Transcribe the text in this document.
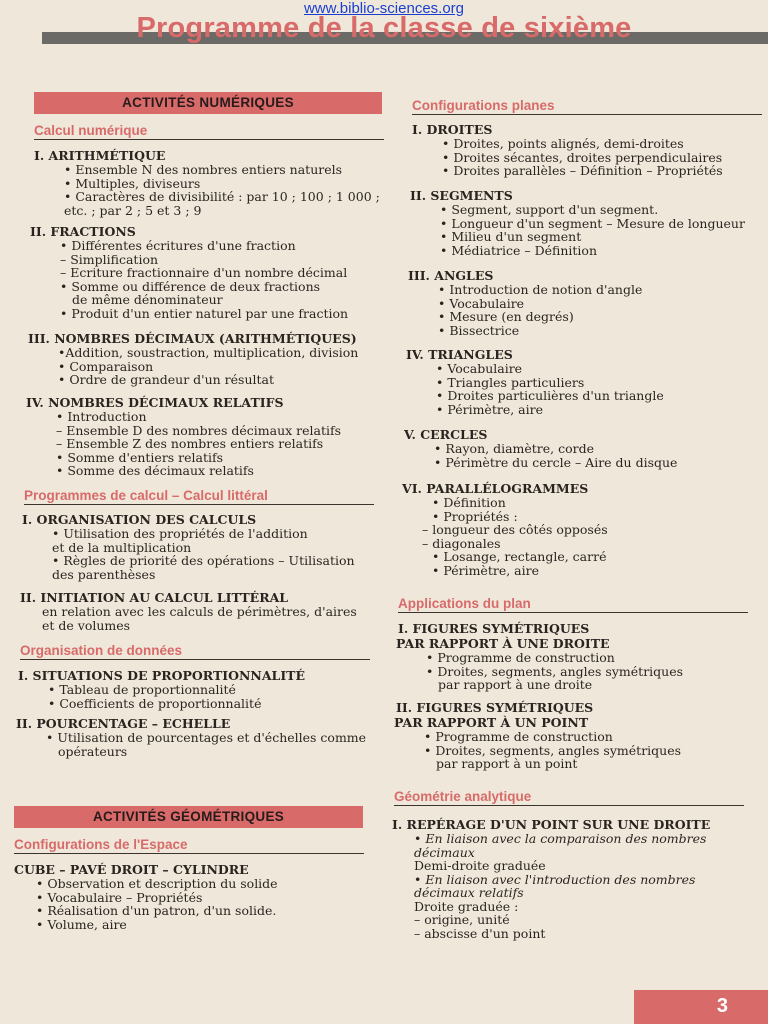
www.biblio-sciences.org
Programme de la classe de sixième
ACTIVITÉS NUMÉRIQUES
Calcul numérique

I. ARITHMÉTIQUE

• Ensemble N des nombres entiers naturels

• Multiples, diviseurs

• Caractères de divisibilité : par 10 ; 100 ; 1 000 ;

etc. ; par 2 ; 5 et 3 ; 9

II. FRACTIONS

• Différentes écritures d'une fraction

– Simplification

– Ecriture fractionnaire d'un nombre décimal

• Somme ou différence de deux fractions

de même dénominateur

• Produit d'un entier naturel par une fraction

III. NOMBRES DÉCIMAUX (ARITHMÉTIQUES)

•Addition, soustraction, multiplication, division

• Comparaison

• Ordre de grandeur d'un résultat

IV. NOMBRES DÉCIMAUX RELATIFS

• Introduction

– Ensemble D des nombres décimaux relatifs

– Ensemble Z des nombres entiers relatifs

• Somme d'entiers relatifs

• Somme des décimaux relatifs

Programmes de calcul – Calcul littéral

I. ORGANISATION DES CALCULS

• Utilisation des propriétés de l'addition

et de la multiplication

• Règles de priorité des opérations – Utilisation

des parenthèses

II. INITIATION AU CALCUL LITTÉRAL

en relation avec les calculs de périmètres, d'aires

et de volumes

Organisation de données

I. SITUATIONS DE PROPORTIONNALITÉ

• Tableau de proportionnalité

• Coefficients de proportionnalité

II. POURCENTAGE – ECHELLE

• Utilisation de pourcentages et d'échelles comme

opérateurs

ACTIVITÉS GÉOMÉTRIQUES
Configurations de l'Espace

CUBE – PAVÉ DROIT – CYLINDRE

• Observation et description du solide

• Vocabulaire – Propriétés

• Réalisation d'un patron, d'un solide.

• Volume, aire

Configurations planes

I. DROITES

• Droites, points alignés, demi-droites

• Droites sécantes, droites perpendiculaires

• Droites parallèles – Définition – Propriétés

II. SEGMENTS

• Segment, support d'un segment.

• Longueur d'un segment – Mesure de longueur

• Milieu d'un segment

• Médiatrice – Définition

III. ANGLES

• Introduction de notion d'angle

• Vocabulaire

• Mesure (en degrés)

• Bissectrice

IV. TRIANGLES

• Vocabulaire

• Triangles particuliers

• Droites particulières d'un triangle

• Périmètre, aire

V. CERCLES

• Rayon, diamètre, corde

• Périmètre du cercle – Aire du disque

VI. PARALLÉLOGRAMMES

• Définition

• Propriétés :

– longueur des côtés opposés

– diagonales

• Losange, rectangle, carré

• Périmètre, aire

Applications du plan

I. FIGURES SYMÉTRIQUES

PAR RAPPORT À UNE DROITE

• Programme de construction

• Droites, segments, angles symétriques

par rapport à une droite

II. FIGURES SYMÉTRIQUES

PAR RAPPORT À UN POINT

• Programme de construction

• Droites, segments, angles symétriques

par rapport à un point

Géométrie analytique

I. REPÉRAGE D'UN POINT SUR UNE DROITE

• En liaison avec la comparaison des nombres

décimaux

Demi-droite graduée

• En liaison avec l'introduction des nombres

décimaux relatifs

Droite graduée :

– origine, unité

– abscisse d'un point

3
